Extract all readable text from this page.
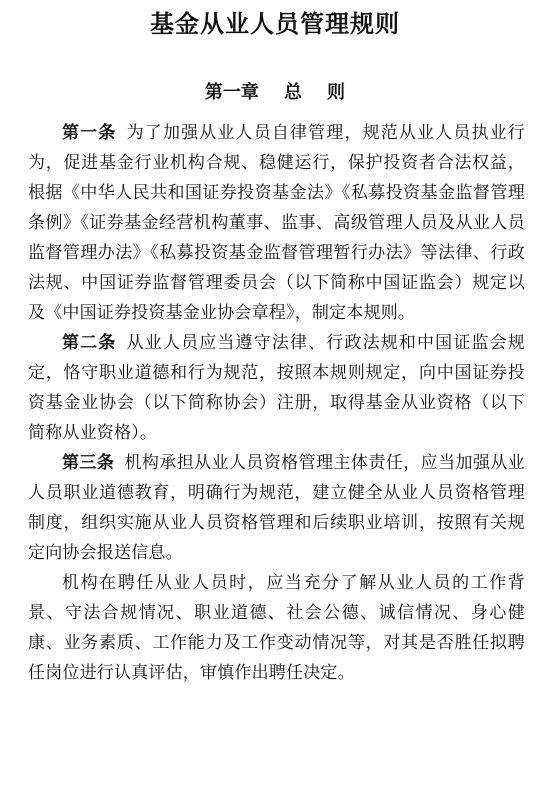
基金从业人员管理规则
第一章    总    则

第一条 为了加强从业人员自律管理，规范从业人员执业行为，促进基金行业机构合规、稳健运行，保护投资者合法权益，根据《中华人民共和国证券投资基金法》《私募投资基金监督管理条例》《证券基金经营机构董事、监事、高级管理人员及从业人员监督管理办法》《私募投资基金监督管理暂行办法》等法律、行政法规、中国证券监督管理委员会（以下简称中国证监会）规定以及《中国证券投资基金业协会章程》，制定本规则。

第二条 从业人员应当遵守法律、行政法规和中国证监会规定，恪守职业道德和行为规范，按照本规则规定，向中国证券投资基金业协会（以下简称协会）注册，取得基金从业资格（以下简称从业资格）。

第三条 机构承担从业人员资格管理主体责任，应当加强从业人员职业道德教育，明确行为规范，建立健全从业人员资格管理制度，组织实施从业人员资格管理和后续职业培训，按照有关规定向协会报送信息。

机构在聘任从业人员时，应当充分了解从业人员的工作背景、守法合规情况、职业道德、社会公德、诚信情况、身心健康、业务素质、工作能力及工作变动情况等，对其是否胜任拟聘任岗位进行认真评估，审慎作出聘任决定。
